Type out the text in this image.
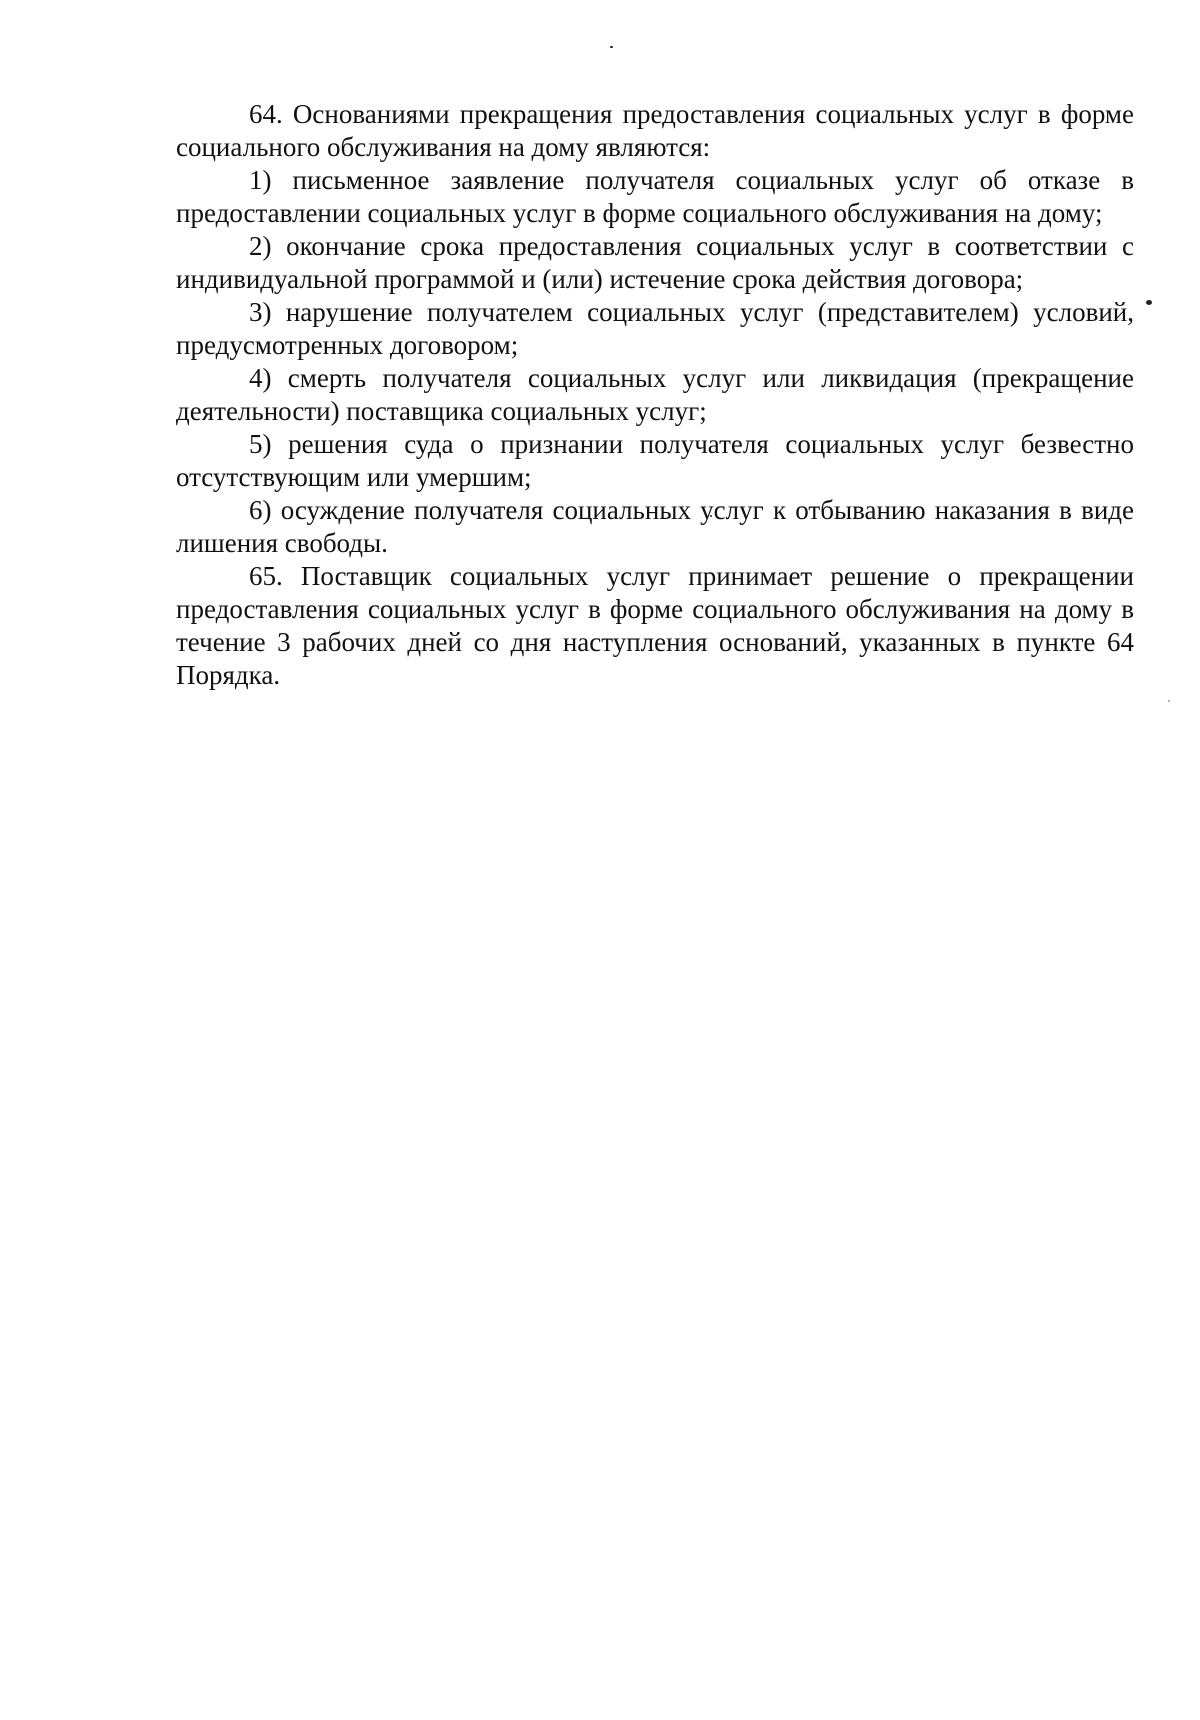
64. Основаниями прекращения предоставления социальных услуг в форме социального обслуживания на дому являются:

1) письменное заявление получателя социальных услуг об отказе в предоставлении социальных услуг в форме социального обслуживания на дому;

2) окончание срока предоставления социальных услуг в соответствии с индивидуальной программой и (или) истечение срока действия договора;

3) нарушение получателем социальных услуг (представителем) условий, предусмотренных договором;

4) смерть получателя социальных услуг или ликвидация (прекращение деятельности) поставщика социальных услуг;

5) решения суда о признании получателя социальных услуг безвестно отсутствующим или умершим;

6) осуждение получателя социальных услуг к отбыванию наказания в виде лишения свободы.

65. Поставщик социальных услуг принимает решение о прекращении предоставления социальных услуг в форме социального обслуживания на дому в течение 3 рабочих дней со дня наступления оснований, указанных в пункте 64 Порядка.
